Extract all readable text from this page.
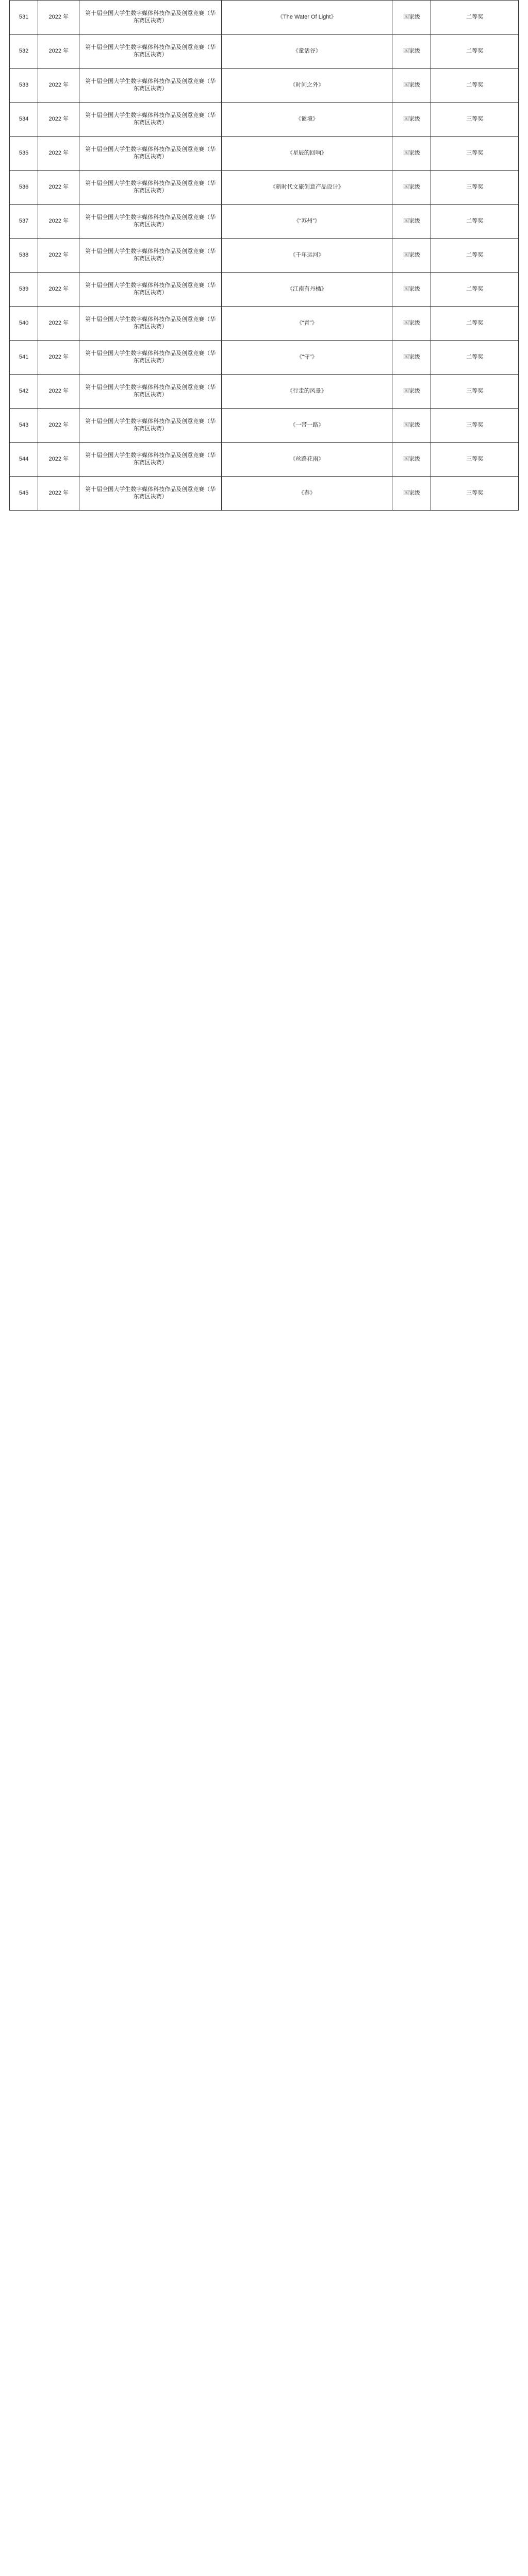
531	2022 年	第十届全国大学生数字媒体科技作品及创意竞赛（华东赛区决赛）	《The Water Of Light》	国家级	二等奖
532	2022 年	第十届全国大学生数字媒体科技作品及创意竞赛（华东赛区决赛）	《童话谷》	国家级	二等奖
533	2022 年	第十届全国大学生数字媒体科技作品及创意竞赛（华东赛区决赛）	《时间之外》	国家级	二等奖
534	2022 年	第十届全国大学生数字媒体科技作品及创意竞赛（华东赛区决赛）	《谜境》	国家级	三等奖
535	2022 年	第十届全国大学生数字媒体科技作品及创意竞赛（华东赛区决赛）	《星辰的回响》	国家级	三等奖
536	2022 年	第十届全国大学生数字媒体科技作品及创意竞赛（华东赛区决赛）	《新时代文旅创意产品设计》	国家级	三等奖
537	2022 年	第十届全国大学生数字媒体科技作品及创意竞赛（华东赛区决赛）	《“苏州”》	国家级	二等奖
538	2022 年	第十届全国大学生数字媒体科技作品及创意竞赛（华东赛区决赛）	《千年运河》	国家级	二等奖
539	2022 年	第十届全国大学生数字媒体科技作品及创意竞赛（华东赛区决赛）	《江南有丹橘》	国家级	二等奖
540	2022 年	第十届全国大学生数字媒体科技作品及创意竞赛（华东赛区决赛）	《“青”》	国家级	二等奖
541	2022 年	第十届全国大学生数字媒体科技作品及创意竞赛（华东赛区决赛）	《“守”》	国家级	二等奖
542	2022 年	第十届全国大学生数字媒体科技作品及创意竞赛（华东赛区决赛）	《行走的风景》	国家级	三等奖
543	2022 年	第十届全国大学生数字媒体科技作品及创意竞赛（华东赛区决赛）	《一带一路》	国家级	三等奖
544	2022 年	第十届全国大学生数字媒体科技作品及创意竞赛（华东赛区决赛）	《丝路花雨》	国家级	三等奖
545	2022 年	第十届全国大学生数字媒体科技作品及创意竞赛（华东赛区决赛）	《春》	国家级	三等奖
